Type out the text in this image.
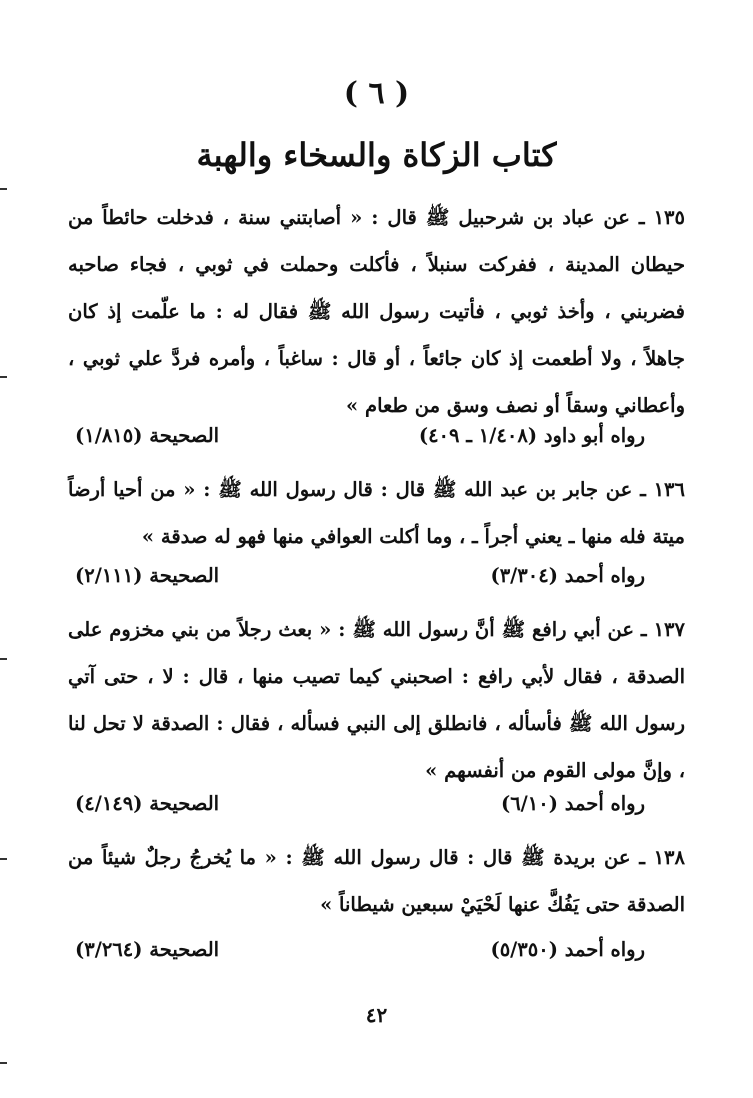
( ٦ )
كتاب الزكاة والسخاء والهبة
١٣٥ ـ عن عباد بن شرحبيل ﷺ قال : « أصابتني سنة ، فدخلت حائطاً من حيطان المدينة ، ففركت سنبلاً ، فأكلت وحملت في ثوبي ، فجاء صاحبه فضربني ، وأخذ ثوبي ، فأتيت رسول الله ﷺ فقال له : ما علّمت إذ كان جاهلاً ، ولا أطعمت إذ كان جائعاً ، أو قال : ساغباً ، وأمره فردَّ علي ثوبي ، وأعطاني وسقاً أو نصف وسق من طعام »
رواه أبو داود (١/٤٠٨ ـ ٤٠٩)
الصحيحة (١/٨١٥)
١٣٦ ـ عن جابر بن عبد الله ﷺ قال : قال رسول الله ﷺ : « من أحيا أرضاً ميتة فله منها ـ يعني أجراً ـ ، وما أكلت العوافي منها فهو له صدقة »
رواه أحمد (٣/٣٠٤)
الصحيحة (٢/١١١)
١٣٧ ـ عن أبي رافع ﷺ أنَّ رسول الله ﷺ : « بعث رجلاً من بني مخزوم على الصدقة ، فقال لأبي رافع : اصحبني كيما تصيب منها ، قال : لا ، حتى آتي رسول الله ﷺ فأسأله ، فانطلق إلى النبي فسأله ، فقال : الصدقة لا تحل لنا ، وإنَّ مولى القوم من أنفسهم »
رواه أحمد (٦/١٠)
الصحيحة (٤/١٤٩)
١٣٨ ـ عن بريدة ﷺ قال : قال رسول الله ﷺ : « ما يُخرجُ رجلٌ شيئاً من الصدقة حتى يَفُكَّ عنها لَحْيَيْ سبعين شيطاناً »
رواه أحمد (٥/٣٥٠)
الصحيحة (٣/٢٦٤)
٤٢
